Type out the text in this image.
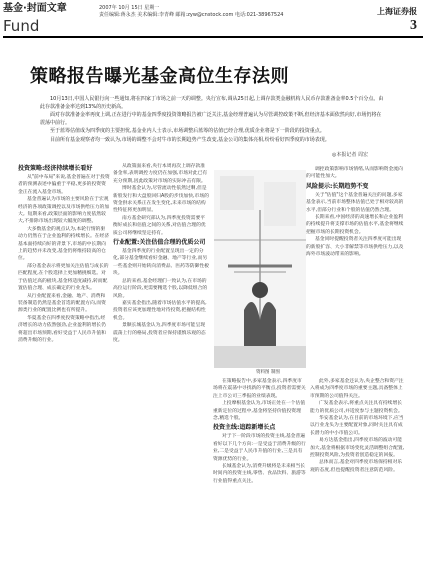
基金·封面文章
Fund
2007年 10月 15日 星期一
责任编辑:蒋永杰 美术编辑:李青峰 邮箱:zyw@cnstock.com 电话:021-38967524	上海证券报
3
策略报告曝光基金高位生存法则

10月13日,中国人民银行向一些通知,将在四家丁市场之前一天的调整。央行宣布,调从25日起,上调存款类金融机构人民币存款准备金率0.5个百分点。由此存款准备金率达到13%的历史新高。

面对存款准备金率再度上调,正在进行中的基金四季度投资策略报告被广泛关注,基金经理普遍认为尽管调控政策不断,但经济基本面依然向好,市场仍将在震荡中前行。

至于蓝筹估值成为四季度的主要担忧,基金业内人士表示,市场调整后蓝筹的估值已经合理,优质企业将是下一阶段的投资重点。

目前所有基金观察者均一致认为,市场的调整不会对牛市的长期趋势产生改变,基金公司的集体亮相,纷纷看好四季度的市场表现。

◎本报记者 周宏
投资策略:经济持续增长看好

从"前中布局"来说,基金普遍在对于投资者的预测表述中偏重于平稳,更多的投资资金正在流入基金市场。

基金普遍认为市场的主要风险在于宏观经济的各项政策调控以及市场供给压力的加大。短期来看,政策层面的影响力度依然较大,不排除市场出现较大幅度的调整。

大多数基金的观点认为,本轮行情的驱动力仍然在于企业盈利的持续增长。在经济基本面持续向好的背景下,市场的中长期向上的趋势并未改变,基金仍将维持较高的仓位。

部分基金表示将更加关注估值与成长的匹配程度,在个股选择上更加精挑细选。对于估值过高的板块,基金将适度减持,转而配置估值合理、成长确定的行业龙头。

从行业配置来看,金融、地产、消费和装备制造仍然是基金首选的配置方向,而资源类行业的配置比例也有所提升。

华夏基金在四季度投资策略中指出,经济增长的动力依然强劲,企业盈利的增长仍将超出市场预期,看好受益于人民币升值和消费升级的行业。

从政策面来看,央行本周再次上调存款准备金率,表明调控力度仍在加强,市场对此已有充分预期,因此政策对市场的实际冲击有限。

博时基金认为,尽管流动性依然过剩,但是新股发行和大盘股回归A股的步伐加快,市场的资金供求关系正在发生变化,未来市场的结构性特征将更加明显。

南方基金研究部认为,四季度投资需要平衡好成长和估值之间的关系,对估值合理的优质公司将继续坚定持有。

行业配置:关注估值合理的优质公司

基金四季度的行业配置呈现出一定的分化,部分基金继续看好金融、地产等行业,而另一些基金则开始转向消费品、医药等防御性板块。

总的来看,基金经理们一致认为,在市场的高位运行阶段,更需要精选个股,以降低组合的风险。

嘉实基金指出,随着市场估值水平的提高,投资者应该更加理性地对待投资,把握结构性机会。

景顺长城基金认为,四季度市场可能呈现震荡上行的格局,投资者应保持谨慎乐观的态度。

资料图 制图

调控政策影响市场情绪,从而影响资金流向的可能性加大。

风险提示:长期趋势不变

关于"估值"这个基金普遍关注的问题,多家基金表示,当前市场整体估值已处于相对较高的水平,但部分行业和个股的估值仍然合理。

长期来看,中国经济的高速增长和企业盈利的持续提升将支撑市场的估值水平,基金将继续把握市场的长期投资机会。

基金同时提醒投资者关注四季度可能出现的新股扩容、大小非解禁等市场供给压力,以及海外市场波动带来的影响。

在策略报告中,多家基金表示,四季度市场将在震荡中寻找新的平衡点,投资者需要关注上市公司三季报的业绩表现。

上投摩根基金认为,市场正处在一个估值重新定位的过程中,基金将坚持价值投资理念,精选个股。

投资主线:追踪新增长点

对于下一阶段市场的投资主线,基金普遍看好以下几个方向:一是受益于消费升级的行业,二是受益于人民币升值的行业,三是具有资源优势的行业。

长城基金认为,消费升级将是未来相当长时间内的投资主线,零售、食品饮料、旅游等行业值得重点关注。

此外,多家基金还认为,央企整合和资产注入将成为四季度市场的重要主题,具备整体上市预期的公司值得关注。

广发基金表示,将重点关注具有持续增长能力的优质公司,并适度参与主题投资机会。

华安基金认为,在目前的市场环境下,应当以行业龙头为主要配置对象,同时关注具有成长潜力的中小市值公司。

易方达基金指出,四季度市场的波动可能加大,基金将根据市场变化灵活调整组合配置,控制投资风险,为投资者创造稳定的回报。

总体而言,基金对四季度市场保持相对乐观的态度,但也提醒投资者注意防范风险。
